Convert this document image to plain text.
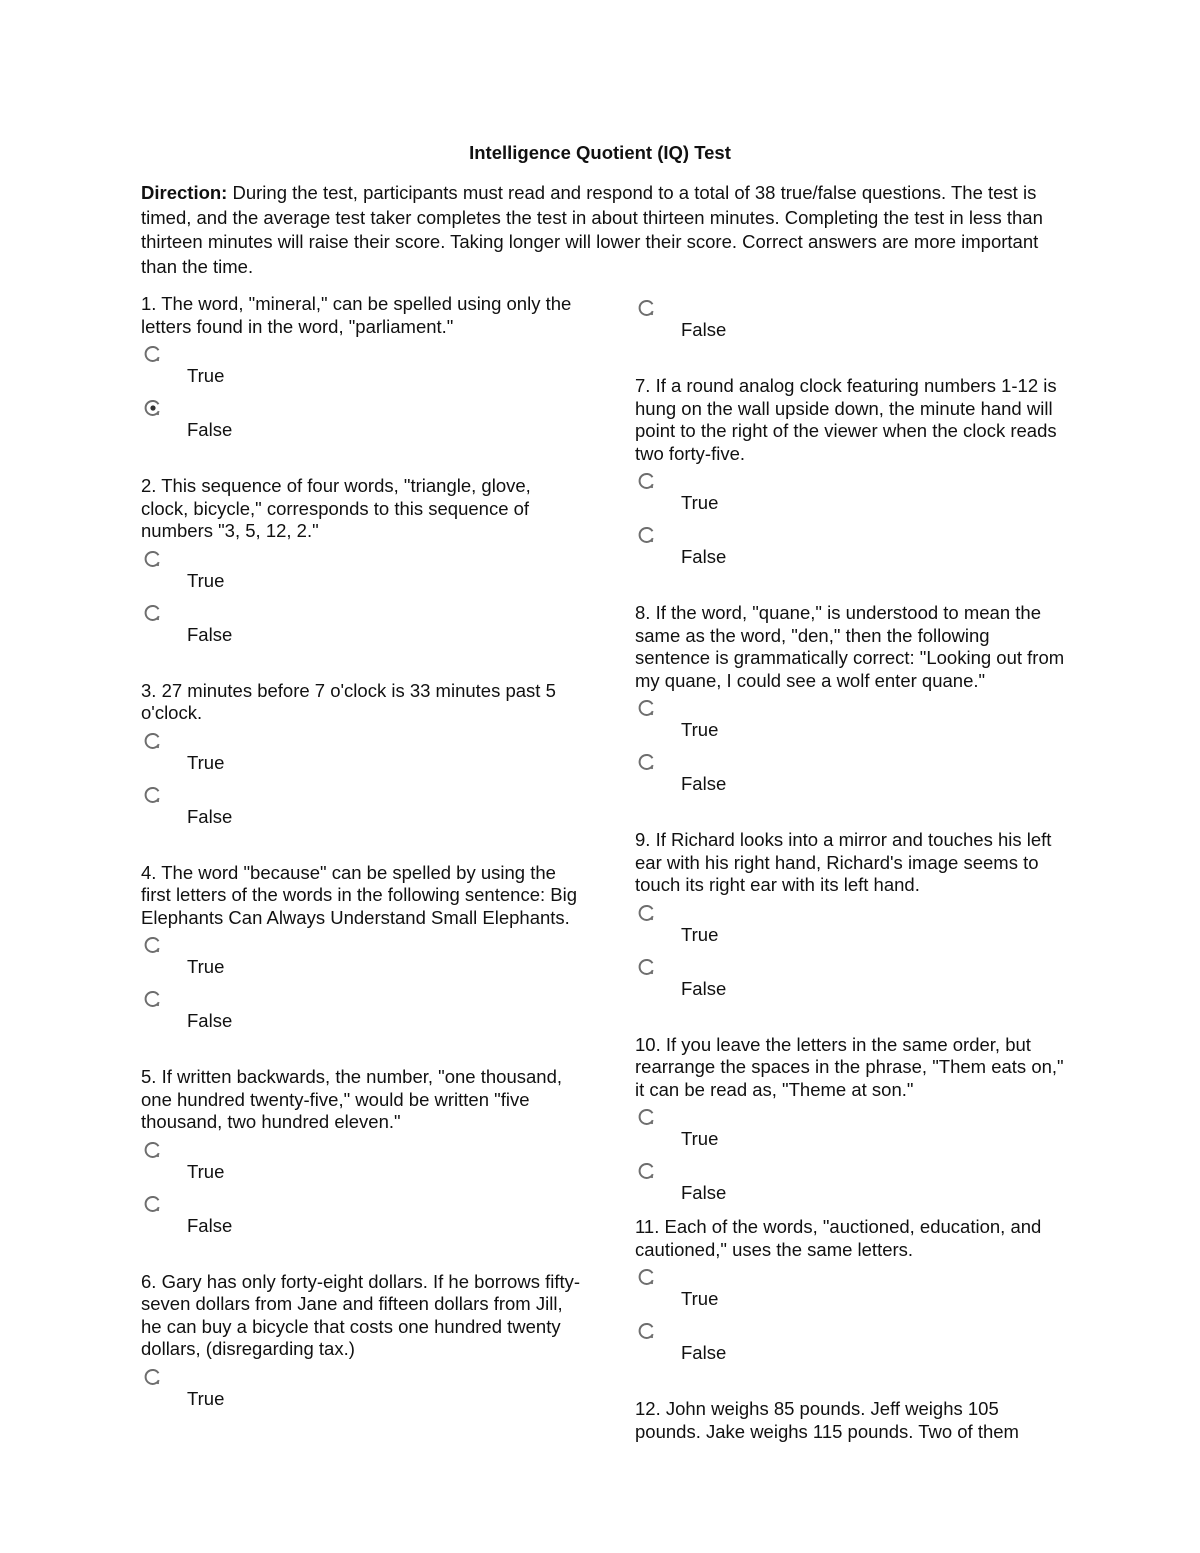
Intelligence Quotient (IQ) Test
Direction: During the test, participants must read and respond to a total of 38 true/false questions. The test is timed, and the average test taker completes the test in about thirteen minutes. Completing the test in less than thirteen minutes will raise their score. Taking longer will lower their score. Correct answers are more important than the time.
1. The word, "mineral," can be spelled using only the letters found in the word, "parliament."
True
False
2. This sequence of four words, "triangle, glove, clock, bicycle," corresponds to this sequence of numbers "3, 5, 12, 2."
True
False
3. 27 minutes before 7 o'clock is 33 minutes past 5 o'clock.
True
False
4. The word "because" can be spelled by using the first letters of the words in the following sentence: Big Elephants Can Always Understand Small Elephants.
True
False
5. If written backwards, the number, "one thousand, one hundred twenty-five," would be written "five thousand, two hundred eleven."
True
False
6. Gary has only forty-eight dollars. If he borrows fifty-seven dollars from Jane and fifteen dollars from Jill, he can buy a bicycle that costs one hundred twenty dollars, (disregarding tax.)
True
False
7. If a round analog clock featuring numbers 1-12 is hung on the wall upside down, the minute hand will point to the right of the viewer when the clock reads two forty-five.
True
False
8. If the word, "quane," is understood to mean the same as the word, "den," then the following sentence is grammatically correct: "Looking out from my quane, I could see a wolf enter quane."
True
False
9. If Richard looks into a mirror and touches his left ear with his right hand, Richard's image seems to touch its right ear with its left hand.
True
False
10. If you leave the letters in the same order, but rearrange the spaces in the phrase, "Them eats on," it can be read as, "Theme at son."
True
False
11. Each of the words, "auctioned, education, and cautioned," uses the same letters.
True
False
12. John weighs 85 pounds. Jeff weighs 105 pounds. Jake weighs 115 pounds. Two of them
